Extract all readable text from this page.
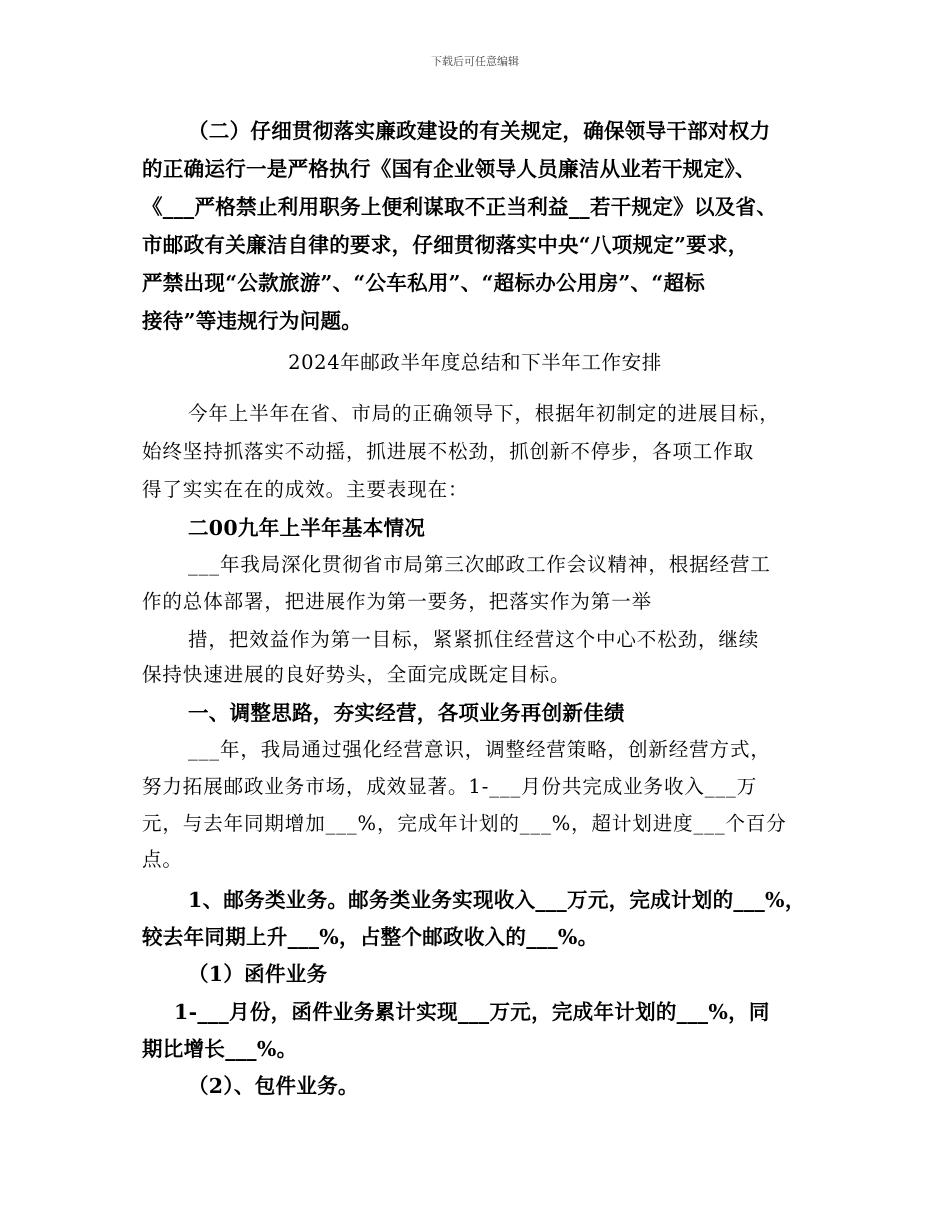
下载后可任意编辑
（二）仔细贯彻落实廉政建设的有关规定，确保领导干部对权力
的正确运行一是严格执行《国有企业领导人员廉洁从业若干规定》、
《___严格禁止利用职务上便利谋取不正当利益__若干规定》以及省、
市邮政有关廉洁自律的要求，仔细贯彻落实中央“八项规定”要求，
严禁出现“公款旅游”、“公车私用”、“超标办公用房”、“超标
接待”等违规行为问题。
2024年邮政半年度总结和下半年工作安排
今年上半年在省、市局的正确领导下，根据年初制定的进展目标，
始终坚持抓落实不动摇，抓进展不松劲，抓创新不停步，各项工作取
得了实实在在的成效。主要表现在：
二00九年上半年基本情况
___年我局深化贯彻省市局第三次邮政工作会议精神，根据经营工
作的总体部署，把进展作为第一要务，把落实作为第一举
措，把效益作为第一目标，紧紧抓住经营这个中心不松劲，继续
保持快速进展的良好势头，全面完成既定目标。
一、调整思路，夯实经营，各项业务再创新佳绩
___年，我局通过强化经营意识，调整经营策略，创新经营方式，
努力拓展邮政业务市场，成效显著。1-___月份共完成业务收入___万
元，与去年同期增加___%，完成年计划的___%，超计划进度___个百分
点。
1、邮务类业务。邮务类业务实现收入___万元，完成计划的___%，
较去年同期上升___%，占整个邮政收入的___%。
（1）函件业务
1-___月份，函件业务累计实现___万元，完成年计划的___%，同
期比增长___%。
（2）、包件业务。
